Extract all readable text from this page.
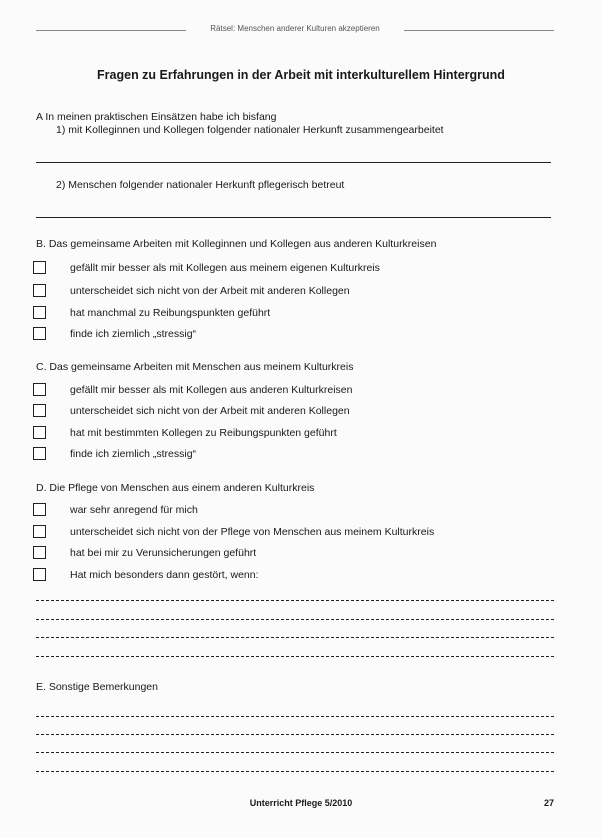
Rätsel: Menschen anderer Kulturen akzeptieren
Fragen zu Erfahrungen in der Arbeit mit interkulturellem Hintergrund
A In meinen praktischen Einsätzen habe ich bisfang
1) mit Kolleginnen und Kollegen folgender nationaler Herkunft zusammengearbeitet
2) Menschen folgender nationaler Herkunft pflegerisch betreut
B. Das gemeinsame Arbeiten mit Kolleginnen und Kollegen aus anderen Kulturkreisen
gefällt mir besser als mit Kollegen aus meinem eigenen Kulturkreis
unterscheidet sich nicht von der Arbeit mit anderen Kollegen
hat manchmal zu Reibungspunkten geführt
finde ich ziemlich „stressig“
C. Das gemeinsame Arbeiten mit Menschen aus meinem Kulturkreis
gefällt mir besser als mit Kollegen aus anderen Kulturkreisen
unterscheidet sich nicht von der Arbeit mit anderen Kollegen
hat mit bestimmten Kollegen zu Reibungspunkten geführt
finde ich ziemlich „stressig“
D. Die Pflege von Menschen aus einem anderen Kulturkreis
war sehr anregend für mich
unterscheidet sich nicht von der Pflege von Menschen aus meinem Kulturkreis
hat bei mir zu Verunsicherungen geführt
Hat mich besonders dann gestört, wenn:
E. Sonstige Bemerkungen
Unterricht Pflege 5/2010	27
